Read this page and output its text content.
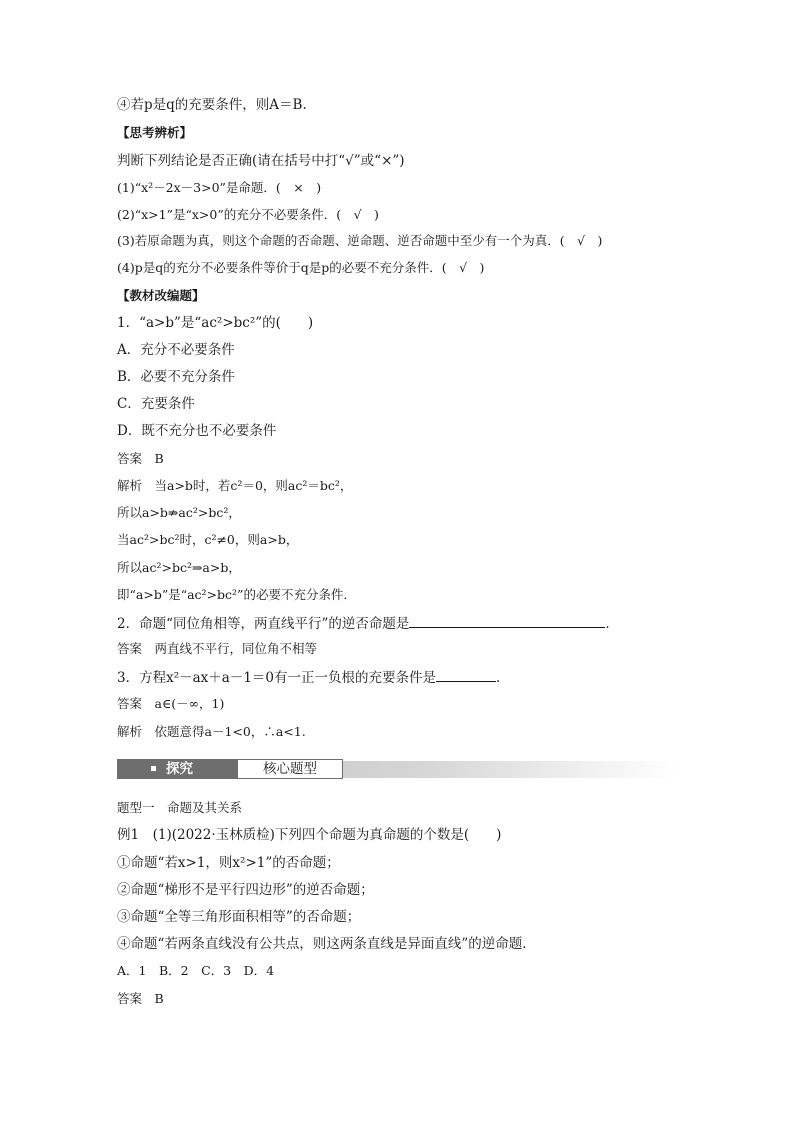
④若p是q的充要条件，则A＝B.
【思考辨析】
判断下列结论是否正确(请在括号中打“√”或“×”)
(1)“x²－2x－3>0”是命题．(　×　)
(2)“x>1”是“x>0”的充分不必要条件．(　√　)
(3)若原命题为真，则这个命题的否命题、逆命题、逆否命题中至少有一个为真．(　√　)
(4)p是q的充分不必要条件等价于q是p的必要不充分条件．(　√　)
【教材改编题】
1．“a>b”是“ac²>bc²”的(　　)
A．充分不必要条件
B．必要不充分条件
C．充要条件
D．既不充分也不必要条件
答案　B
解析　当a>b时，若c²＝0，则ac²＝bc²，
所以a>b⇏ac²>bc²，
当ac²>bc²时，c²≠0，则a>b，
所以ac²>bc²⇒a>b，
即“a>b”是“ac²>bc²”的必要不充分条件．
2．命题“同位角相等，两直线平行”的逆否命题是	．
答案　两直线不平行，同位角不相等
3．方程x²－ax＋a－1＝0有一正一负根的充要条件是	．
答案　a∈(－∞，1)
解析　依题意得a－1<0，∴a<1.
探究	核心题型
题型一　命题及其关系
例1　(1)(2022·玉林质检)下列四个命题为真命题的个数是(　　)
①命题“若x>1，则x²>1”的否命题；
②命题“梯形不是平行四边形”的逆否命题；
③命题“全等三角形面积相等”的否命题；
④命题“若两条直线没有公共点，则这两条直线是异面直线”的逆命题．
A．1　B．2　C．3　D．4
答案　B
